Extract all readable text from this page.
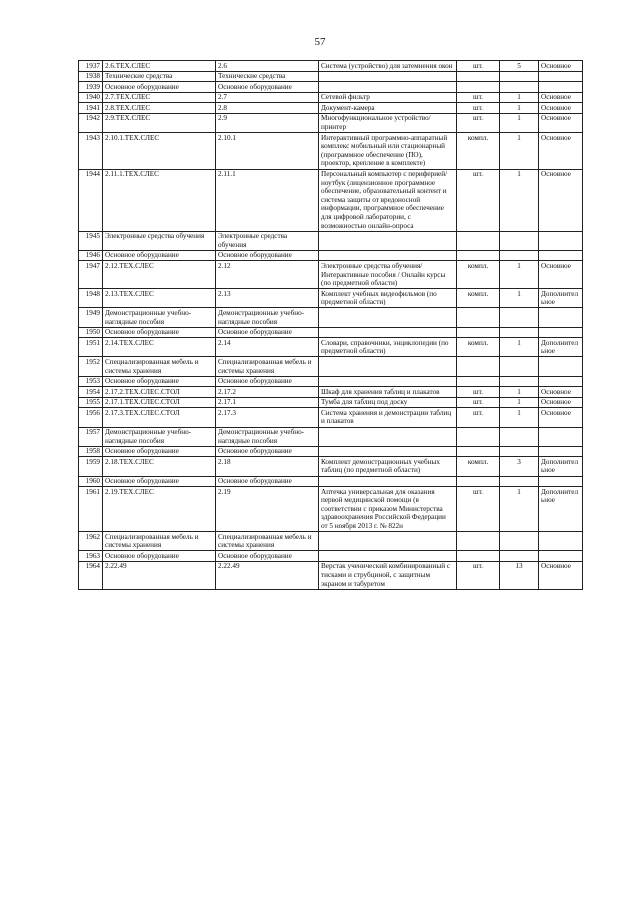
57
1937	2.6.ТЕХ.СЛЕС	2.6	Система (устройство) для затемнения окон	шт.	5	Основное
1938	Технические средства	Технические средства				
1939	Основное оборудование	Основное оборудование				
1940	2.7.ТЕХ.СЛЕС	2.7	Сетевой фильтр	шт.	1	Основное
1941	2.8.ТЕХ.СЛЕС	2.8	Документ-камера	шт.	1	Основное
1942	2.9.ТЕХ.СЛЕС	2.9	Многофункциональное устройство/принтер	шт.	1	Основное
1943	2.10.1.ТЕХ.СЛЕС	2.10.1	Интерактивный программно-аппаратный комплекс мобильный или стационарный (программное обеспечение (ПО), проектор, крепление в комплекте)	компл.	1	Основное
1944	2.11.1.ТЕХ.СЛЕС	2.11.1	Персональный компьютер с периферией/ноутбук (лицензионное программное обеспечение, образовательный контент и система защиты от вредоносной информации, программное обеспечение для цифровой лаборатории, с возможностью онлайн-опроса	шт.	1	Основное
1945	Электронные средства обучения	Электронные средства обучения				
1946	Основное оборудование	Основное оборудование				
1947	2.12.ТЕХ.СЛЕС	2.12	Электронные средства обучения/Интерактивные пособия / Онлайн курсы (по предметной области)	компл.	1	Основное
1948	2.13.ТЕХ.СЛЕС	2.13	Комплект учебных видеофильмов (по предметной области)	компл.	1	Дополнительное
1949	Демонстрационные учебно-наглядные пособия	Демонстрационные учебно-наглядные пособия				
1950	Основное оборудование	Основное оборудование				
1951	2.14.ТЕХ.СЛЕС	2.14	Словари, справочники, энциклопедии (по предметной области)	компл.	1	Дополнительное
1952	Специализированная мебель и системы хранения	Специализированная мебель и системы хранения				
1953	Основное оборудование	Основное оборудование				
1954	2.17.2.ТЕХ.СЛЕС.СТОЛ	2.17.2	Шкаф для хранения таблиц и плакатов	шт.	1	Основное
1955	2.17.1.ТЕХ.СЛЕС.СТОЛ	2.17.1	Тумба для таблиц под доску	шт.	1	Основное
1956	2.17.3.ТЕХ.СЛЕС.СТОЛ	2.17.3	Система хранения и демонстрации таблиц и плакатов	шт.	1	Основное
1957	Демонстрационные учебно-наглядные пособия	Демонстрационные учебно-наглядные пособия				
1958	Основное оборудование	Основное оборудование				
1959	2.18.ТЕХ.СЛЕС	2.18	Комплект демонстрационных учебных таблиц (по предметной области)	компл.	3	Дополнительное
1960	Основное оборудование	Основное оборудование				
1961	2.19.ТЕХ.СЛЕС	2.19	Аптечка универсальная для оказания первой медицинской помощи (в соответствии с приказом Министерства здравоохранения Российской Федерации от 5 ноября 2013 г. № 822н	шт.	1	Дополнительное
1962	Специализированная мебель и системы хранения	Специализированная мебель и системы хранения				
1963	Основное оборудование	Основное оборудование				
1964	2.22.49	2.22.49	Верстак ученический комбинированный с тисками и струбциной, с защитным экраном и табуретом	шт.	13	Основное
